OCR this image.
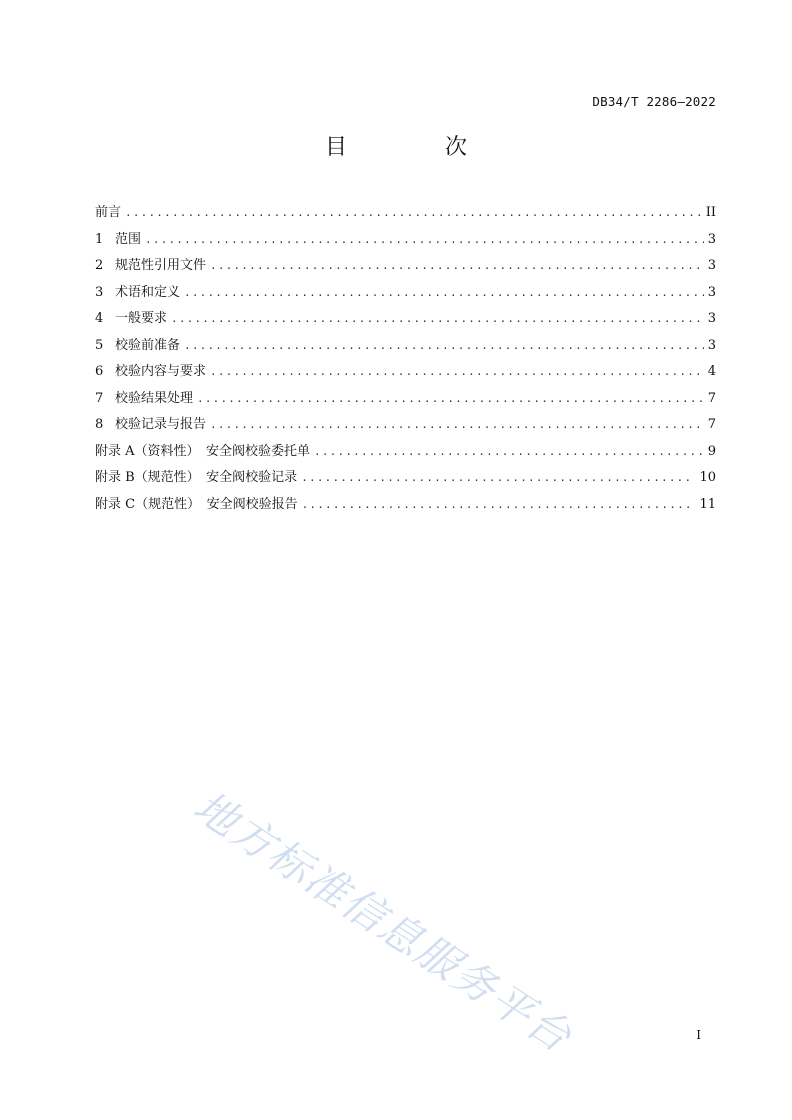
DB34/T 2286—2022
目　次
前言 .....	II
1 范围 .....	3
2 规范性引用文件 .....	3
3 术语和定义 .....	3
4 一般要求 .....	3
5 校验前准备 .....	3
6 校验内容与要求 .....	4
7 校验结果处理 .....	7
8 校验记录与报告 .....	7
附录 A（资料性）　安全阀校验委托单 .....	9
附录 B（规范性）　安全阀校验记录 .....	10
附录 C（规范性）　安全阀校验报告 .....	11
地方标准信息服务平台	I
